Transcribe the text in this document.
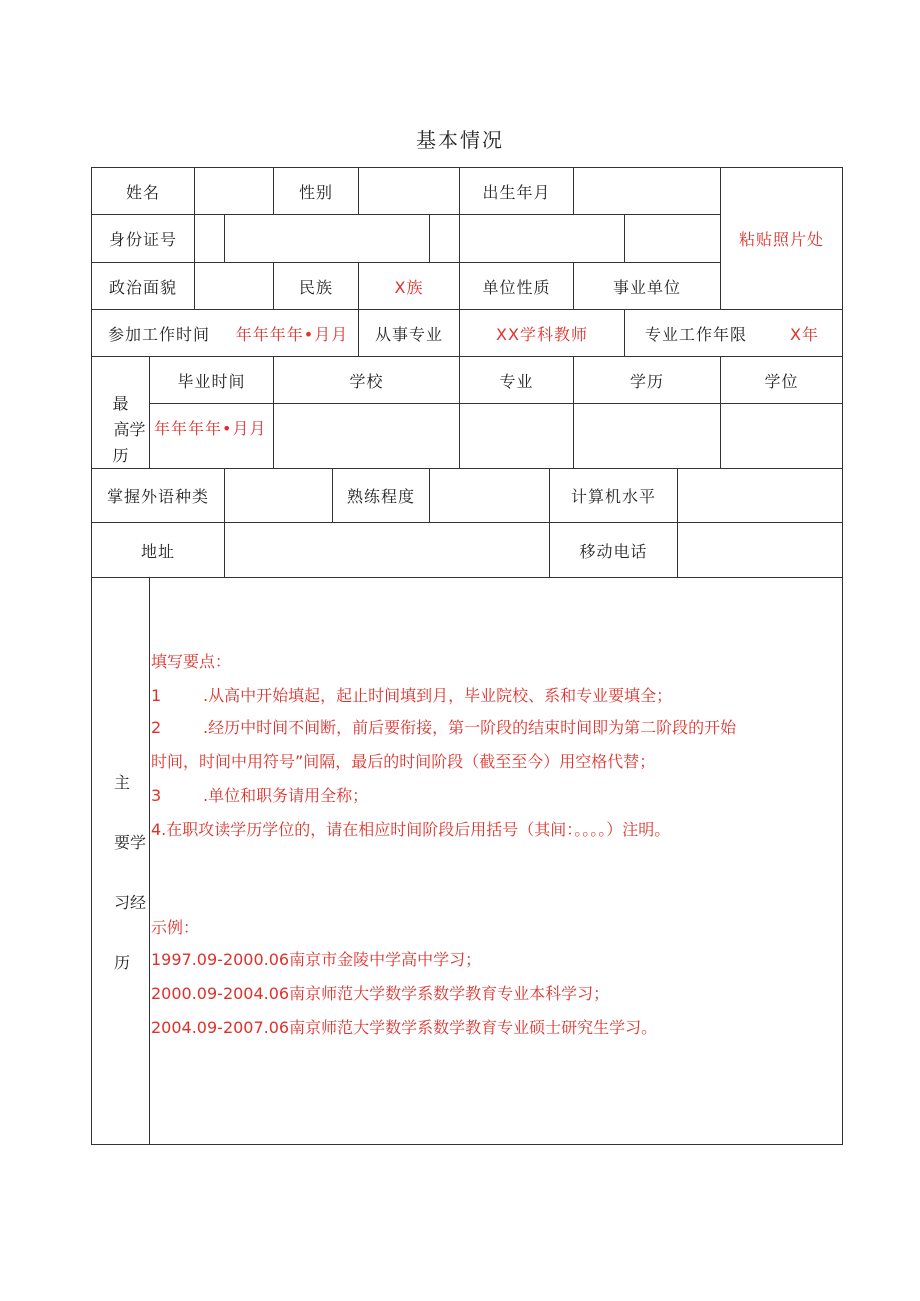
基本情况
姓名	性别	出生年月
粘贴照片处
身份证号
政治面貌	民族	X族	单位性质	事业单位
参加工作时间	年年年年•月月	从事专业	XX学科教师	专业工作年限	X年
最
高学
历
毕业时间	学校	专业	学历	学位
年年年年•月月
掌握外语种类	熟练程度	计算机水平
地址	移动电话
主
要学
习经
历

填写要点：

1	.从高中开始填起，起止时间填到月，毕业院校、系和专业要填全；

2	.经历中时间不间断，前后要衔接，第一阶段的结束时间即为第二阶段的开始

时间，时间中用符号”间隔，最后的时间阶段（截至至今）用空格代替；

3	.单位和职务请用全称；

4.在职攻读学历学位的，请在相应时间阶段后用括号（其间：。。。。）注明。

示例：

1997.09-2000.06南京市金陵中学高中学习；

2000.09-2004.06南京师范大学数学系数学教育专业本科学习；

2004.09-2007.06南京师范大学数学系数学教育专业硕士研究生学习。
